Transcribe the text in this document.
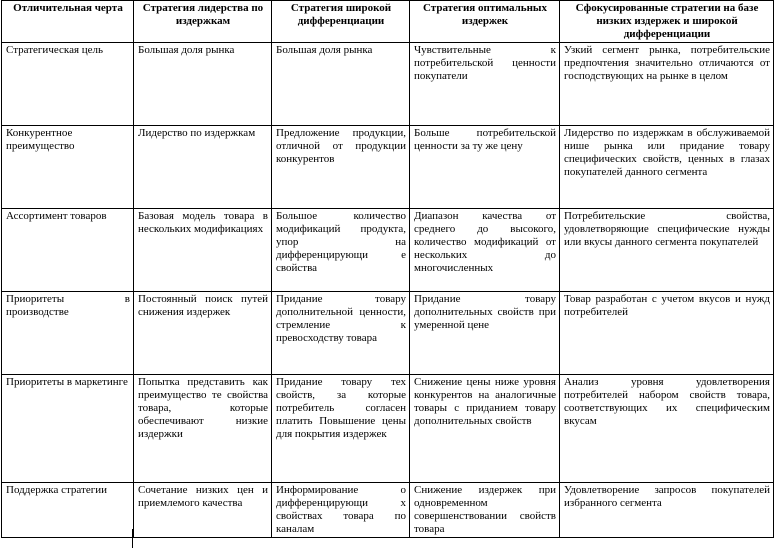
Отличительная черта	Стратегия лидерства по издержкам	Стратегия широкой дифференциации	Стратегия оптимальных издержек	Сфокусированные стратегии на базе низких издержек и широкой дифференциации
Стратегическая цель	Большая доля рынка	Большая доля рынка	Чувствительные к потребительской ценности покупатели	Узкий сегмент рынка, потребительские предпочтения значительно отличаются от господствующих на рынке в целом
Конкурентное преимущество	Лидерство по издержкам	Предложение продукции, отличной от продукции конкурентов	Больше потребительской ценности за ту же цену	Лидерство по издержкам в обслуживаемой нише рынка или придание товару специфических свойств, ценных в глазах покупателей данного сегмента
Ассортимент товаров	Базовая модель товара в нескольких модификациях	Большое количество модификаций продукта, упор на дифференцирующи е свойства	Диапазон качества от среднего до высокого, количество модификаций от нескольких до многочисленных	Потребительские свойства, удовлетворяющие специфические нужды или вкусы данного сегмента покупателей
Приоритеты в производстве	Постоянный поиск путей снижения издержек	Придание товару дополнительной ценности, стремление к превосходству товара	Придание товару дополнительных свойств при умеренной цене	Товар разработан с учетом вкусов и нужд потребителей
Приоритеты в маркетинге	Попытка представить как преимущество те свойства товара, которые обеспечивают низкие издержки	Придание товару тех свойств, за которые потребитель согласен платить Повышение цены для покрытия издержек	Снижение цены ниже уровня конкурентов на аналогичные товары с приданием товару дополнительных свойств	Анализ уровня удовлетворения потребителей набором свойств товара, соответствующих их специфическим вкусам
Поддержка стратегии	Сочетание низких цен и приемлемого качества	Информирование о дифференцирующи х свойствах товара по каналам	Снижение издержек при одновременном совершенствовании свойств товара	Удовлетворение запросов покупателей избранного сегмента
